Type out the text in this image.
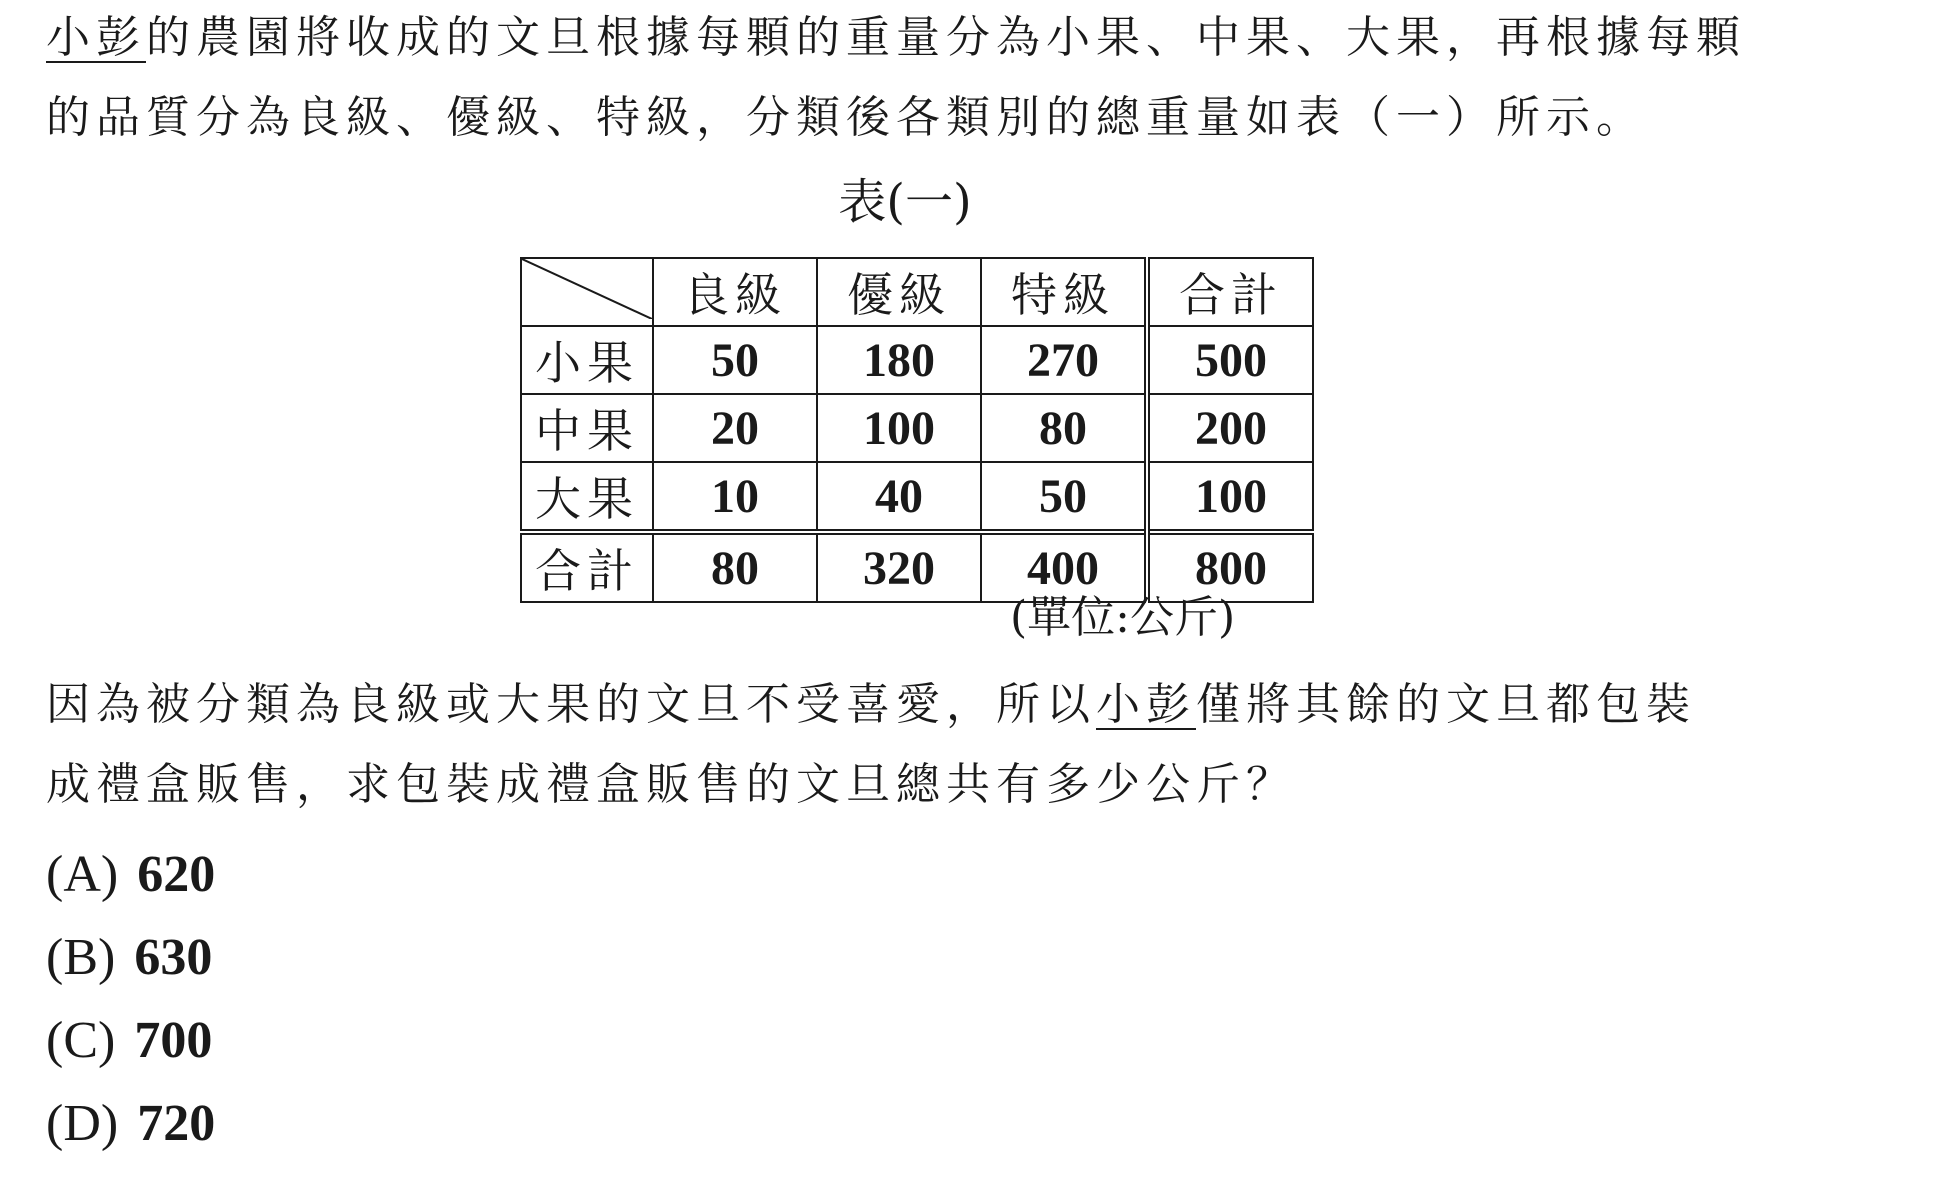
小彭的農園將收成的文旦根據每顆的重量分為小果、中果、大果，再根據每顆
的品質分為良級、優級、特級，分類後各類別的總重量如表（一）所示。
表(一)
	良級	優級	特級	合計
小果	50	180	270	500
中果	20	100	80	200
大果	10	40	50	100
合計	80	320	400	800
(單位:公斤)
因為被分類為良級或大果的文旦不受喜愛，所以小彭僅將其餘的文旦都包裝
成禮盒販售，求包裝成禮盒販售的文旦總共有多少公斤？
(A) 620
(B) 630
(C) 700
(D) 720
